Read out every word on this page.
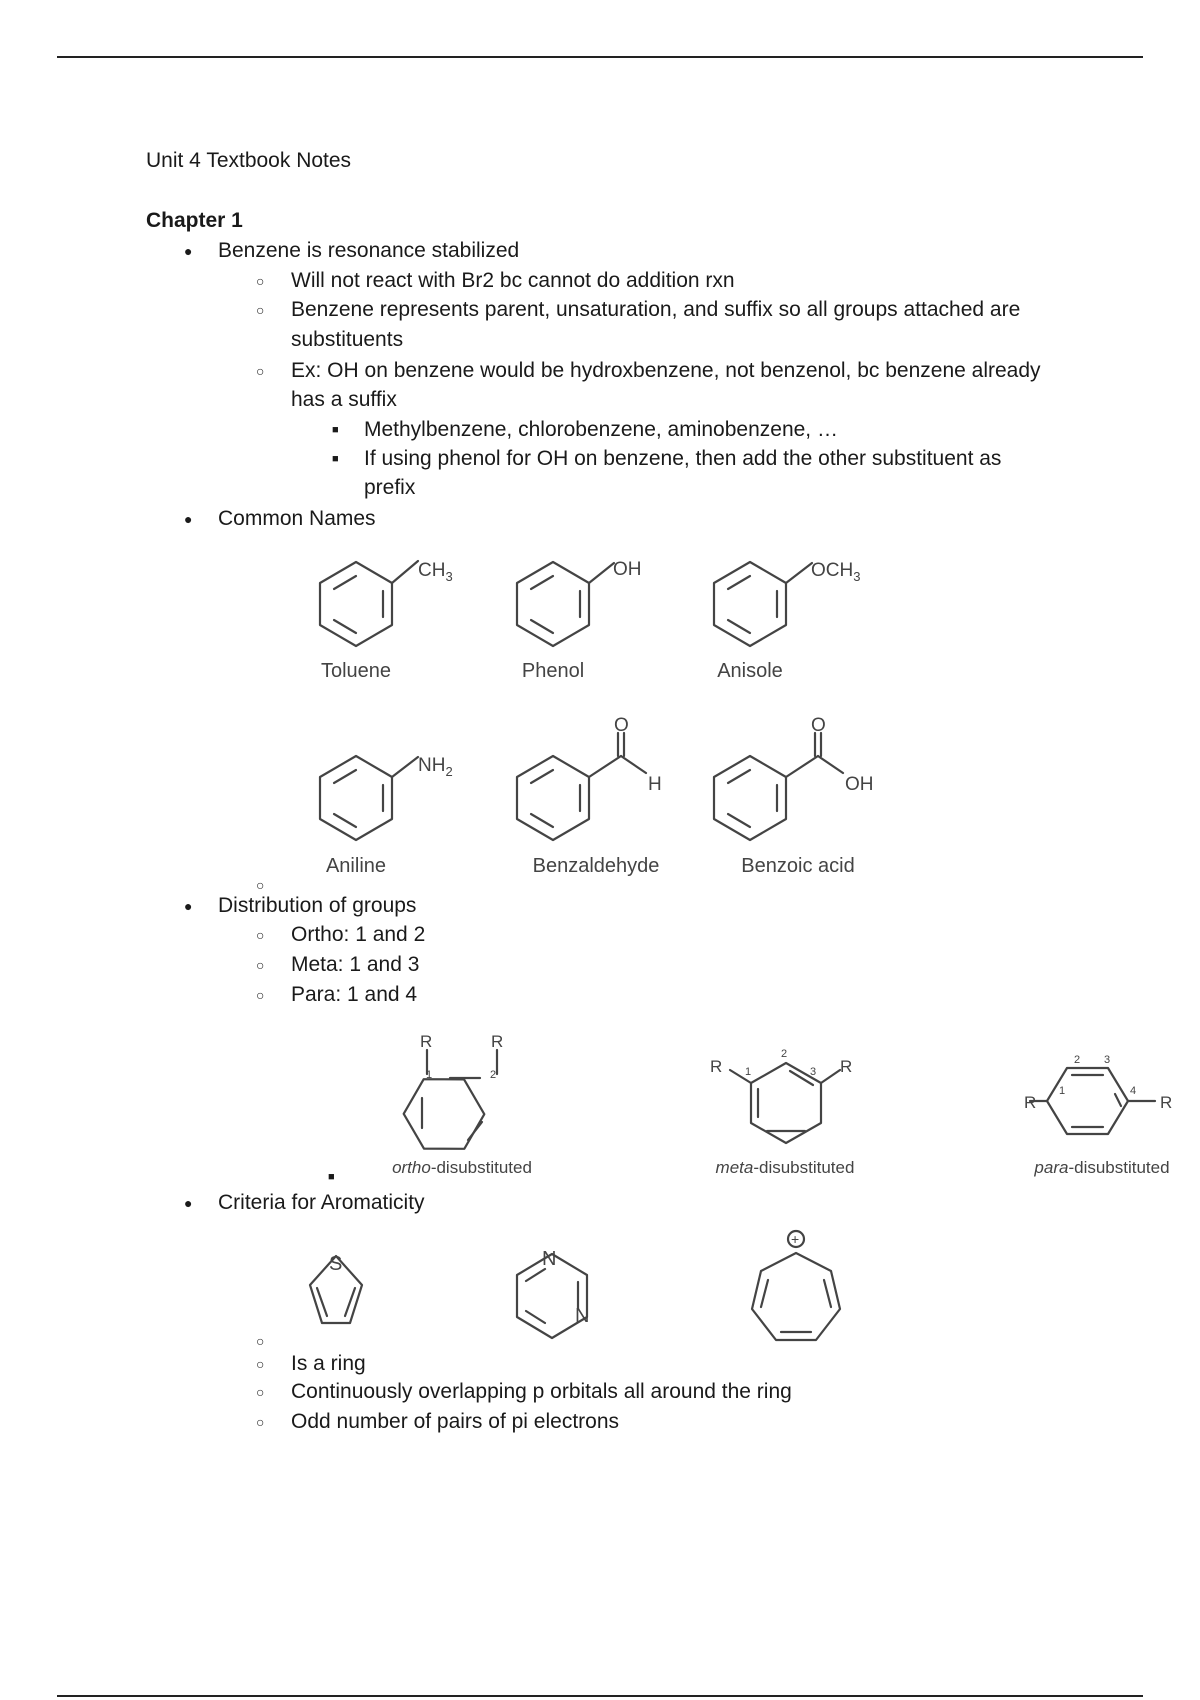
Unit 4 Textbook Notes
Chapter 1
● Benzene is resonance stabilized
○ Will not react with Br2 bc cannot do addition rxn
○ Benzene represents parent, unsaturation, and suffix so all groups attached are
substituents
○ Ex: OH on benzene would be hydroxbenzene, not benzenol, bc benzene already
has a suffix
■ Methylbenzene, chlorobenzene, aminobenzene, …
■ If using phenol for OH on benzene, then add the other substituent as
prefix
● Common Names
○
● Distribution of groups
○ Ortho: 1 and 2
○ Meta: 1 and 3
○ Para: 1 and 4
■
● Criteria for Aromaticity
○
○ Is a ring
○ Continuously overlapping p orbitals all around the ring
○ Odd number of pairs of pi electrons
$CH_3$	OH	$OCH_3$
$NH_2$
O
H
O
OH
Toluene	Phenol	Anisole
Aniline	Benzaldehyde	Benzoic acid
R	R
1	2	R	R
1
2
3
R	R
1
2 3
4
ortho-disubstituted	meta-disubstituted	para-disubstituted
S	N
N
+
